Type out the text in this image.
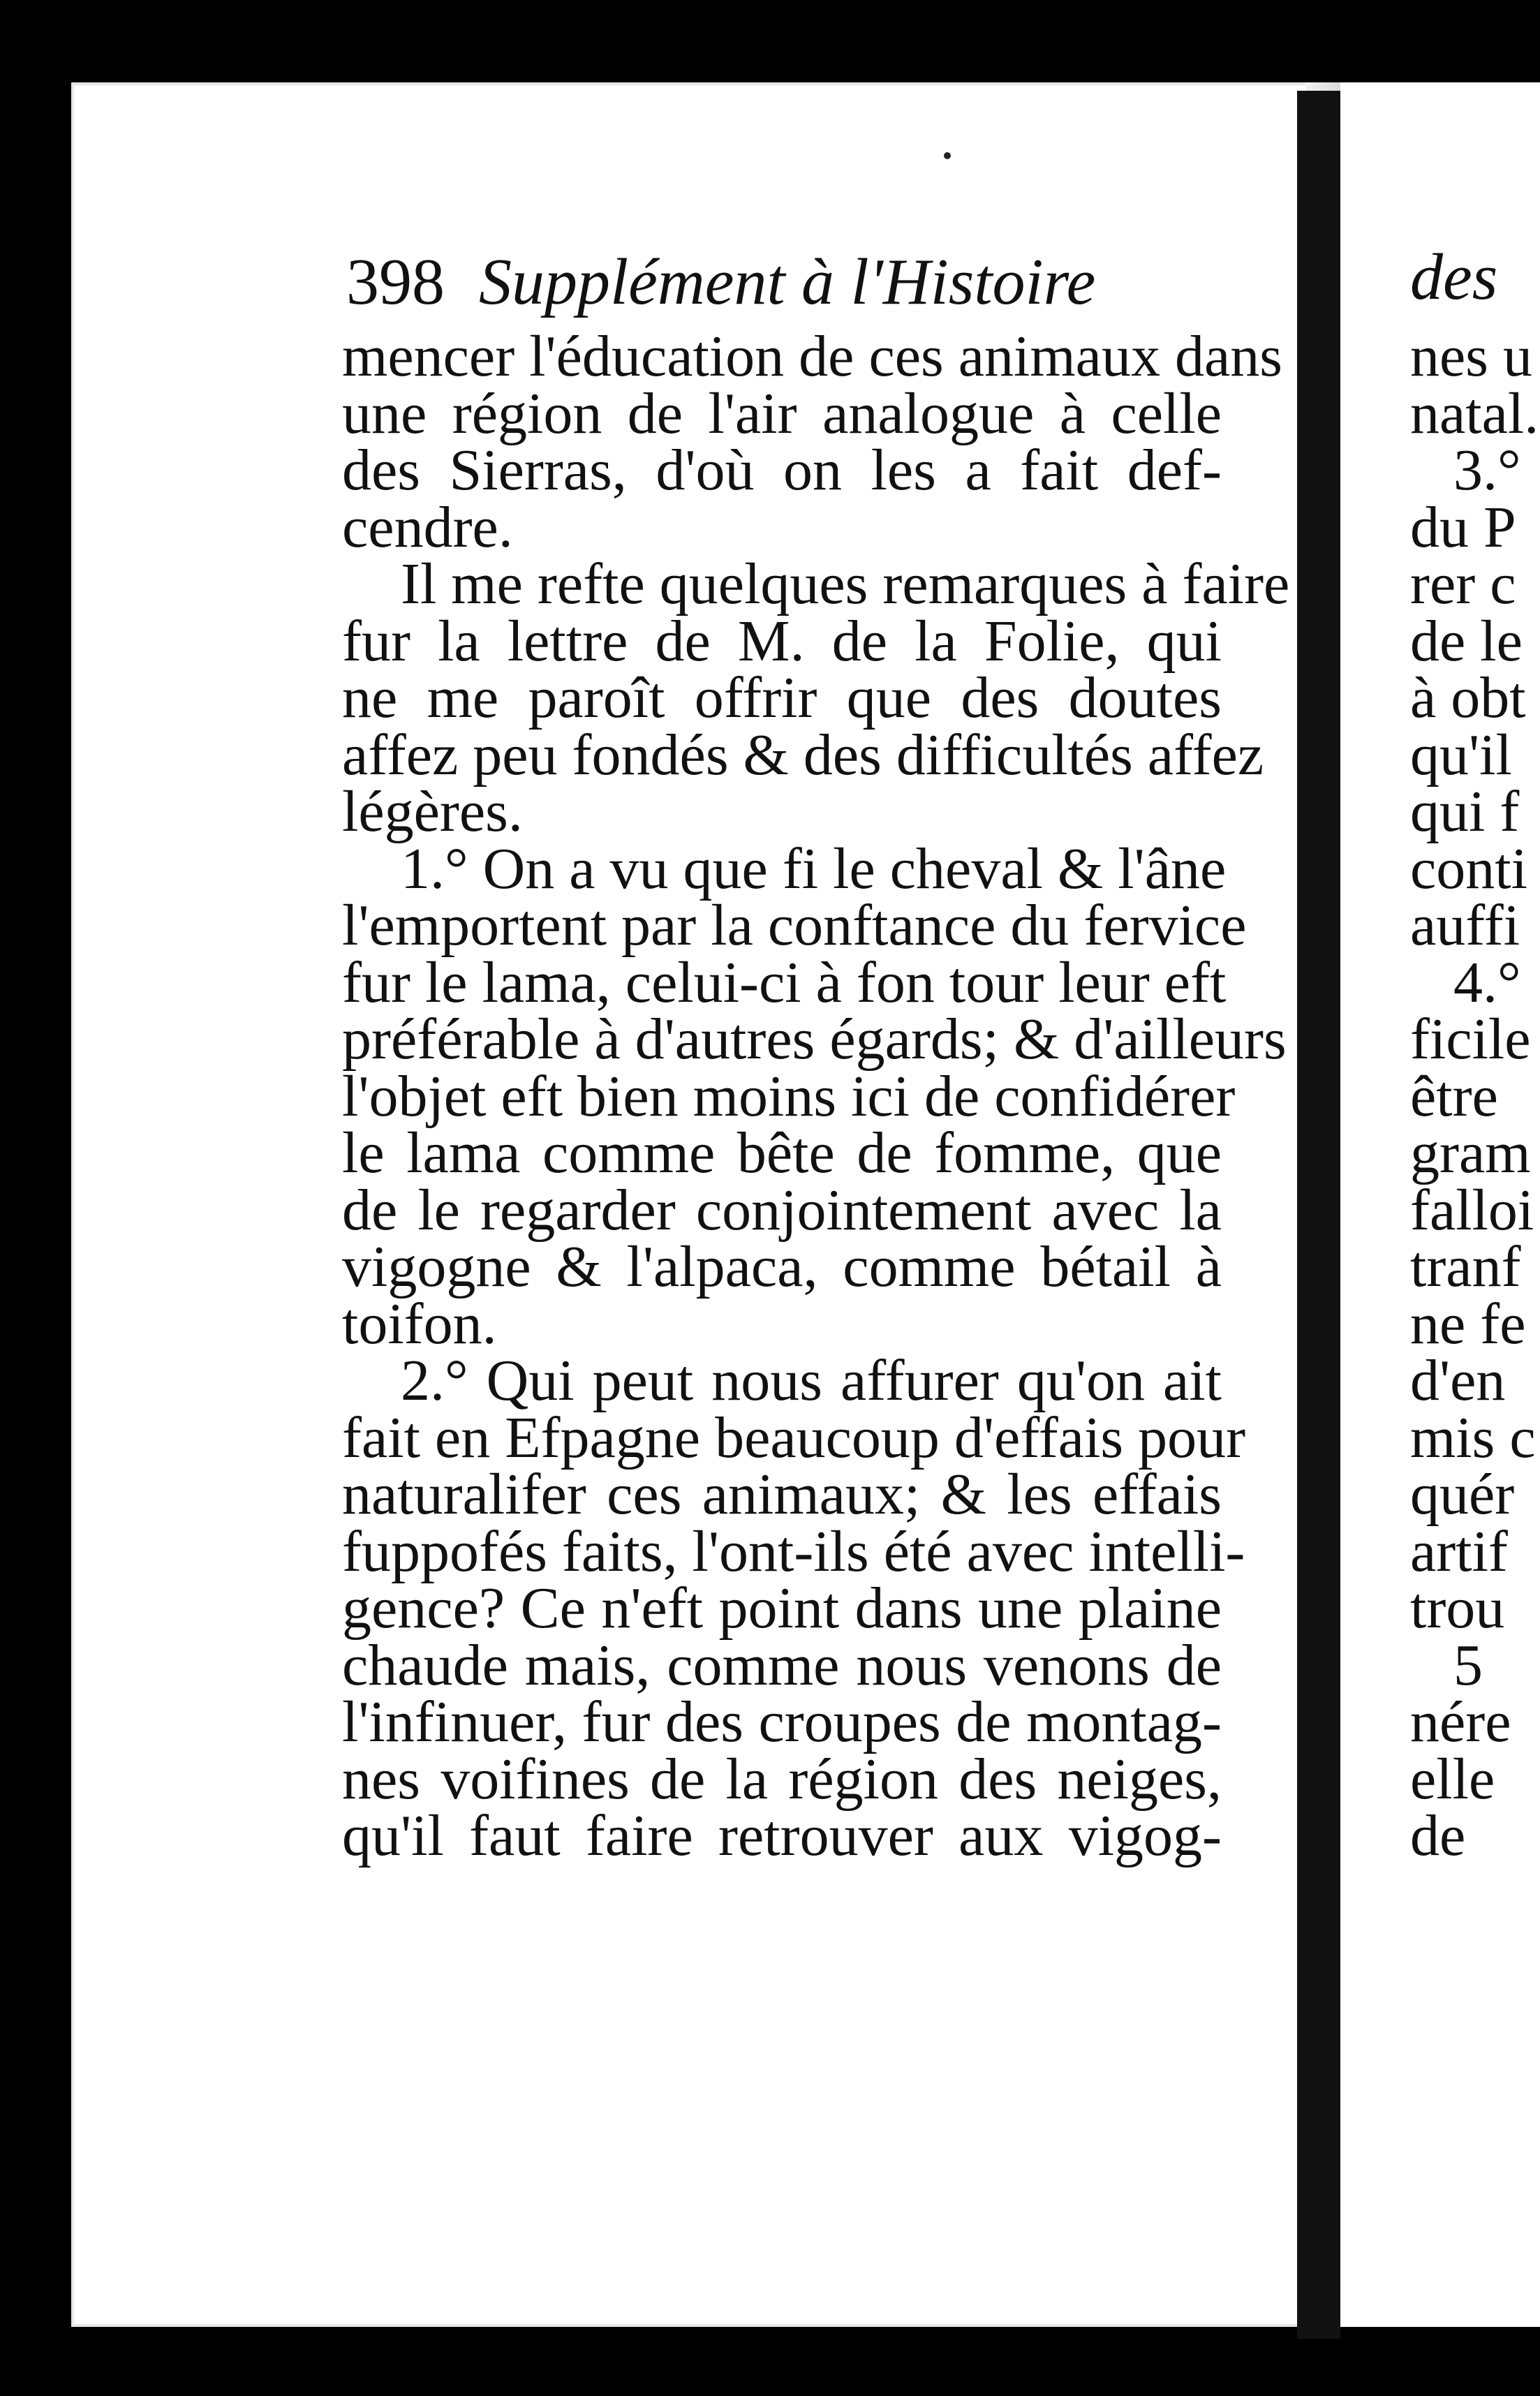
398 Supplément à l'Histoire
mencer l'éducation de ces animaux dans
une région de l'air analogue à celle
des Sierras, d'où on les a fait def-
cendre.
Il me refte quelques remarques à faire
fur la lettre de M. de la Folie, qui
ne me paroît offrir que des doutes
affez peu fondés & des difficultés affez
légères.
1.° On a vu que fi le cheval & l'âne
l'emportent par la conftance du fervice
fur le lama, celui-ci à fon tour leur eft
préférable à d'autres égards; & d'ailleurs
l'objet eft bien moins ici de confidérer
le lama comme bête de fomme, que
de le regarder conjointement avec la
vigogne & l'alpaca, comme bétail à
toifon.
2.° Qui peut nous affurer qu'on ait
fait en Efpagne beaucoup d'effais pour
naturalifer ces animaux; & les effais
fuppofés faits, l'ont-ils été avec intelli-
gence? Ce n'eft point dans une plaine
chaude mais, comme nous venons de
l'infinuer, fur des croupes de montag-
nes voifines de la région des neiges,
qu'il faut faire retrouver aux vigog-
des
nes u
natal.
3.°
du P
rer c
de le
à obt
qu'il
qui f
conti
auffi
4.°
ficile
être
gram
falloi
tranf
ne fe
d'en
mis c
quér
artif
trou
5
nére
elle
de
